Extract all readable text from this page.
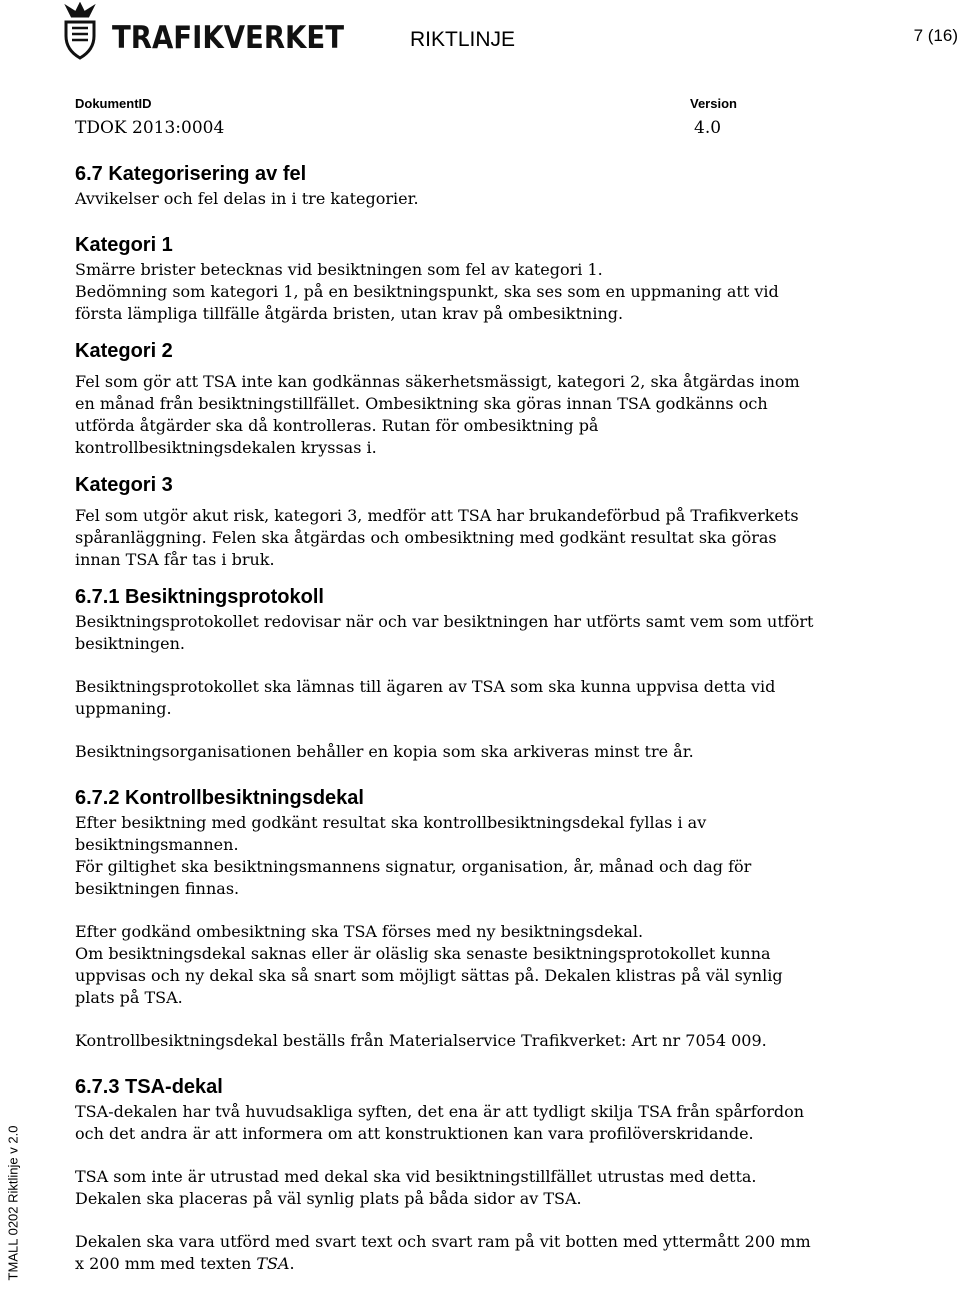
TRAFIKVERKET	RIKTLINJE	7 (16)
DokumentID
TDOK 2013:0004
Version
4.0
6.7 Kategorisering av fel

Avvikelser och fel delas in i tre kategorier.

Kategori 1

Smärre brister betecknas vid besiktningen som fel av kategori 1.

Bedömning som kategori 1, på en besiktningspunkt, ska ses som en uppmaning att vid första lämpliga tillfälle åtgärda bristen, utan krav på ombesiktning.

Kategori 2

Fel som gör att TSA inte kan godkännas säkerhetsmässigt, kategori 2, ska åtgärdas inom en månad från besiktningstillfället. Ombesiktning ska göras innan TSA godkänns och utförda åtgärder ska då kontrolleras. Rutan för ombesiktning på kontrollbesiktningsdekalen kryssas i.

Kategori 3

Fel som utgör akut risk, kategori 3, medför att TSA har brukandeförbud på Trafikverkets spåranläggning. Felen ska åtgärdas och ombesiktning med godkänt resultat ska göras innan TSA får tas i bruk.

6.7.1 Besiktningsprotokoll

Besiktningsprotokollet redovisar när och var besiktningen har utförts samt vem som utfört besiktningen.

Besiktningsprotokollet ska lämnas till ägaren av TSA som ska kunna uppvisa detta vid uppmaning.

Besiktningsorganisationen behåller en kopia som ska arkiveras minst tre år.

6.7.2 Kontrollbesiktningsdekal

Efter besiktning med godkänt resultat ska kontrollbesiktningsdekal fyllas i av besiktningsmannen.

För giltighet ska besiktningsmannens signatur, organisation, år, månad och dag för besiktningen finnas.

Efter godkänd ombesiktning ska TSA förses med ny besiktningsdekal.

Om besiktningsdekal saknas eller är oläslig ska senaste besiktningsprotokollet kunna uppvisas och ny dekal ska så snart som möjligt sättas på. Dekalen klistras på väl synlig plats på TSA.

Kontrollbesiktningsdekal beställs från Materialservice Trafikverket: Art nr 7054 009.

6.7.3 TSA-dekal

TSA-dekalen har två huvudsakliga syften, det ena är att tydligt skilja TSA från spårfordon och det andra är att informera om att konstruktionen kan vara profilöverskridande.

TSA som inte är utrustad med dekal ska vid besiktningstillfället utrustas med detta.

Dekalen ska placeras på väl synlig plats på båda sidor av TSA.

Dekalen ska vara utförd med svart text och svart ram på vit botten med yttermått 200 mm x 200 mm med texten TSA.

TMALL 0202 Riktlinje v 2.0
